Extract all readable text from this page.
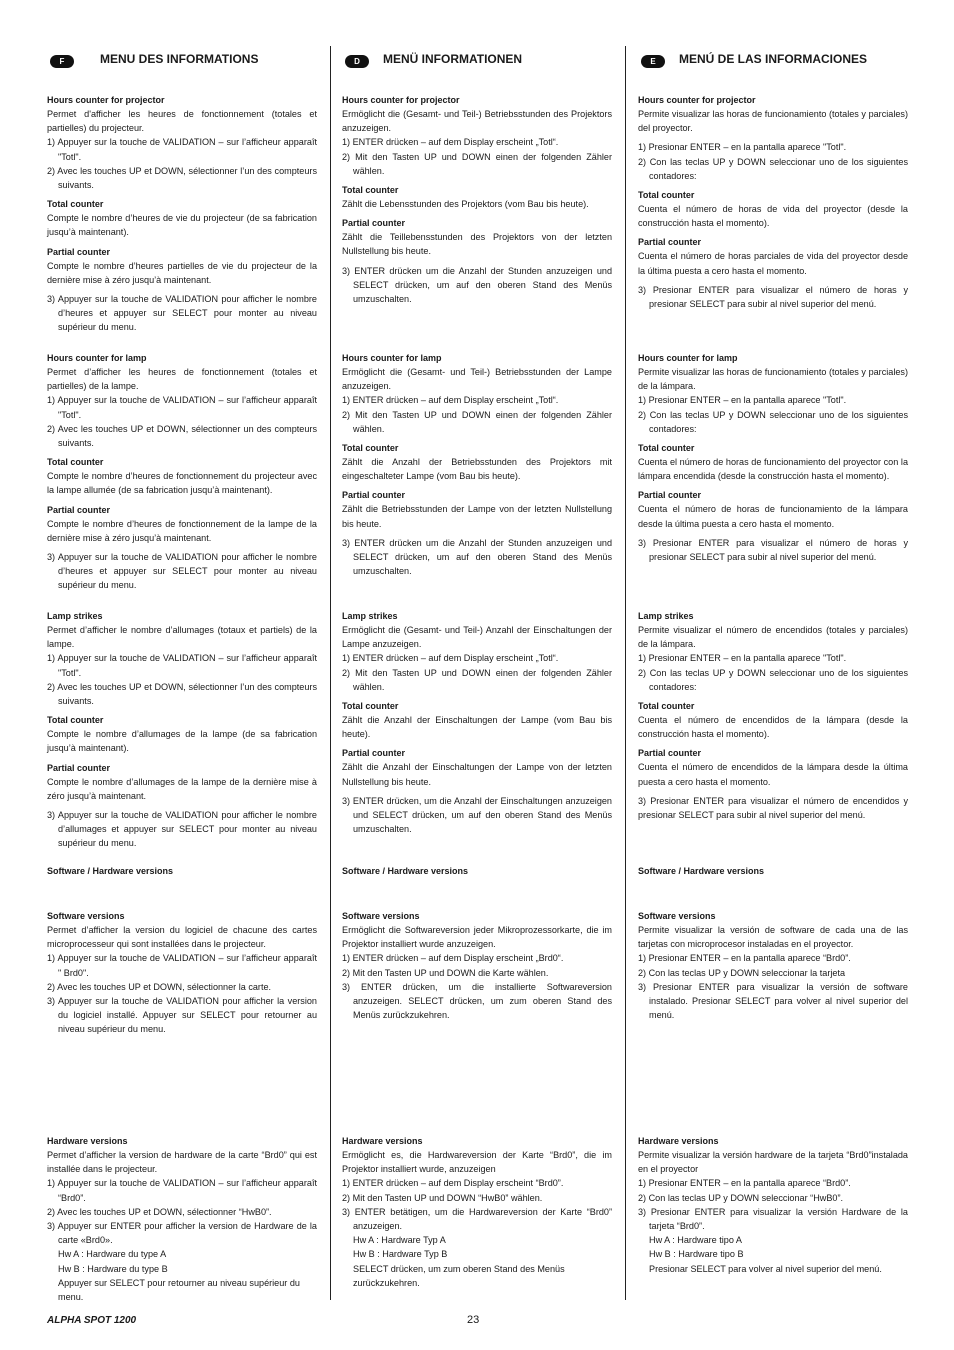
F	MENU DES INFORMATIONS
Hours counter for projector

Permet d'afficher les heures de fonctionnement (totales et partielles) du projecteur.

1) Appuyer sur la touche de VALIDATION – sur l’afficheur apparaît "Totl".
2) Avec les touches UP et DOWN, sélectionner l’un des compteurs suivants.
Total counter

Compte le nombre d’heures de vie du projecteur (de sa fabrication jusqu’à maintenant).

Partial counter

Compte le nombre d’heures partielles de vie du projecteur de la dernière mise à zéro jusqu’à maintenant.

3) Appuyer sur la touche de VALIDATION pour afficher le nombre d’heures et appuyer sur SELECT pour monter au niveau supérieur du menu.
Hours counter for lamp

Permet d’afficher les heures de fonctionnement (totales et partielles) de la lampe.

1) Appuyer sur la touche de VALIDATION – sur l’afficheur apparaît "Totl".
2) Avec les touches UP et DOWN, sélectionner un des compteurs suivants.
Total counter

Compte le nombre d’heures de fonctionnement du projecteur avec la lampe allumée (de sa fabrication jusqu’à maintenant).

Partial counter

Compte le nombre d’heures de fonctionnement de la lampe de la dernière mise à zéro jusqu’à maintenant.

3) Appuyer sur la touche de VALIDATION pour afficher le nombre d’heures et appuyer sur SELECT pour monter au niveau supérieur du menu.
Lamp strikes

Permet d’afficher le nombre d’allumages (totaux et partiels) de la lampe.

1) Appuyer sur la touche de VALIDATION – sur l’afficheur apparaît "Totl".
2) Avec les touches UP et DOWN, sélectionner l’un des compteurs suivants.
Total counter

Compte le nombre d’allumages de la lampe (de sa fabrication jusqu’à maintenant).

Partial counter

Compte le nombre d’allumages de la lampe de la dernière mise à zéro jusqu’à maintenant.

3) Appuyer sur la touche de VALIDATION pour afficher le nombre d’allumages et appuyer sur SELECT pour monter au niveau supérieur du menu.
Software / Hardware versions
Software versions

Permet d’afficher la version du logiciel de chacune des cartes microprocesseur qui sont installées dans le projecteur.

1) Appuyer sur la touche de VALIDATION – sur l’afficheur apparaît " Brd0".
2) Avec les touches UP et DOWN, sélectionner la carte.
3) Appuyer sur la touche de VALIDATION pour afficher la version du logiciel installé. Appuyer sur SELECT pour retourner au niveau supérieur du menu.
Hardware versions

Permet d’afficher la version de hardware de la carte “Brd0” qui est installée dans le projecteur.

1) Appuyer sur la touche de VALIDATION – sur l’afficheur apparaît “Brd0”.
2) Avec les touches UP et DOWN, sélectionner “HwB0”.
3) Appuyer sur ENTER pour afficher la version de Hardware de la carte «Brd0».
Hw A : Hardware du type A
Hw B : Hardware du type B
Appuyer sur SELECT pour retourner au niveau supérieur du menu.
D	MENÜ INFORMATIONEN
Hours counter for projector

Ermöglicht die (Gesamt- und Teil-) Betriebsstunden des Projektors anzuzeigen.

1) ENTER drücken – auf dem Display erscheint „Totl“.

2) Mit den Tasten UP und DOWN einen der folgenden Zähler wählen.
Total counter

Zählt die Lebensstunden des Projektors (vom Bau bis heute).

Partial counter

Zählt die Teillebensstunden des Projektors von der letzten Nullstellung bis heute.

3) ENTER drücken um die Anzahl der Stunden anzuzeigen und SELECT drücken, um auf den oberen Stand des Menüs umzuschalten.
Hours counter for lamp

Ermöglicht die (Gesamt- und Teil-) Betriebsstunden der Lampe anzuzeigen.

1) ENTER drücken – auf dem Display erscheint „Totl“.

2) Mit den Tasten UP und DOWN einen der folgenden Zähler wählen.
Total counter

Zählt die Anzahl der Betriebsstunden des Projektors mit eingeschalteter Lampe (vom Bau bis heute).

Partial counter

Zählt die Betriebsstunden der Lampe von der letzten Nullstellung bis heute.

3) ENTER drücken um die Anzahl der Stunden anzuzeigen und SELECT drücken, um auf den oberen Stand des Menüs umzuschalten.
Lamp strikes

Ermöglicht die (Gesamt- und Teil-) Anzahl der Einschaltungen der Lampe anzuzeigen.

1) ENTER drücken – auf dem Display erscheint „Totl“.

2) Mit den Tasten UP und DOWN einen der folgenden Zähler wählen.
Total counter

Zählt die Anzahl der Einschaltungen der Lampe (vom Bau bis heute).

Partial counter

Zählt die Anzahl der Einschaltungen der Lampe von der letzten Nullstellung bis heute.

3) ENTER drücken, um die Anzahl der Einschaltungen anzuzeigen und SELECT drücken, um auf den oberen Stand des Menüs umzuschalten.
Software / Hardware versions
Software versions

Ermöglicht die Softwareversion jeder Mikroprozessorkarte, die im Projektor installiert wurde anzuzeigen.

1) ENTER drücken – auf dem Display erscheint „Brd0“.

2) Mit den Tasten UP und DOWN die Karte wählen.

3) ENTER drücken, um die installierte Softwareversion anzuzeigen. SELECT drücken, um zum oberen Stand des Menüs zurückzukehren.
Hardware versions

Ermöglicht es, die Hardwareversion der Karte “Brd0”, die im Projektor installiert wurde, anzuzeigen

1) ENTER drücken – auf dem Display erscheint “Brd0”.

2) Mit den Tasten UP und DOWN “HwB0” wählen.

3) ENTER betätigen, um die Hardwareversion der Karte “Brd0” anzuzeigen.
Hw A : Hardware Typ A
Hw B : Hardware Typ B
SELECT drücken, um zum oberen Stand des Menüs zurückzukehren.
E	MENÚ DE LAS INFORMACIONES
Hours counter for projector

Permite visualizar las horas de funcionamiento (totales y parciales) del proyector.

1) Presionar ENTER – en la pantalla aparece "Totl".
2) Con las teclas UP y DOWN seleccionar uno de los siguientes contadores:
Total counter

Cuenta el número de horas de vida del proyector (desde la construcción hasta el momento).

Partial counter

Cuenta el número de horas parciales de vida del proyector desde la última puesta a cero hasta el momento.

3) Presionar ENTER para visualizar el número de horas y presionar SELECT para subir al nivel superior del menú.
Hours counter for lamp

Permite visualizar las horas de funcionamiento (totales y parciales) de la lámpara.

1) Presionar ENTER – en la pantalla aparece "Totl".
2) Con las teclas UP y DOWN seleccionar uno de los siguientes contadores:
Total counter

Cuenta el número de horas de funcionamiento del proyector con la lámpara encendida (desde la construcción hasta el momento).

Partial counter

Cuenta el número de horas de funcionamiento de la lámpara desde la última puesta a cero hasta el momento.

3) Presionar ENTER para visualizar el número de horas y presionar SELECT para subir al nivel superior del menú.
Lamp strikes

Permite visualizar el número de encendidos (totales y parciales) de la lámpara.

1) Presionar ENTER – en la pantalla aparece "Totl".
2) Con las teclas UP y DOWN seleccionar uno de los siguientes contadores:
Total counter

Cuenta el número de encendidos de la lámpara (desde la construcción hasta el momento).

Partial counter

Cuenta el número de encendidos de la lámpara desde la última puesta a cero hasta el momento.

3) Presionar ENTER para visualizar el número de encendidos y presionar SELECT para subir al nivel superior del menú.

Software / Hardware versions
Software versions

Permite visualizar la versión de software de cada una de las tarjetas con microprocesor instaladas en el proyector.

1) Presionar ENTER – en la pantalla aparece “Brd0”.

2) Con las teclas UP y DOWN seleccionar la tarjeta

3) Presionar ENTER para visualizar la versión de software instalado. Presionar SELECT para volver al nivel superior del menú.
Hardware versions

Permite visualizar la versión hardware de la tarjeta “Brd0”instalada en el proyector

1) Presionar ENTER – en la pantalla aparece “Brd0”.

2) Con las teclas UP y DOWN seleccionar “HwB0”.

3) Presionar ENTER para visualizar la versión Hardware de la tarjeta “Brd0”.
Hw A : Hardware tipo A
Hw B : Hardware tipo B
Presionar SELECT para volver al nivel superior del menú.
ALPHA SPOT 1200	23
